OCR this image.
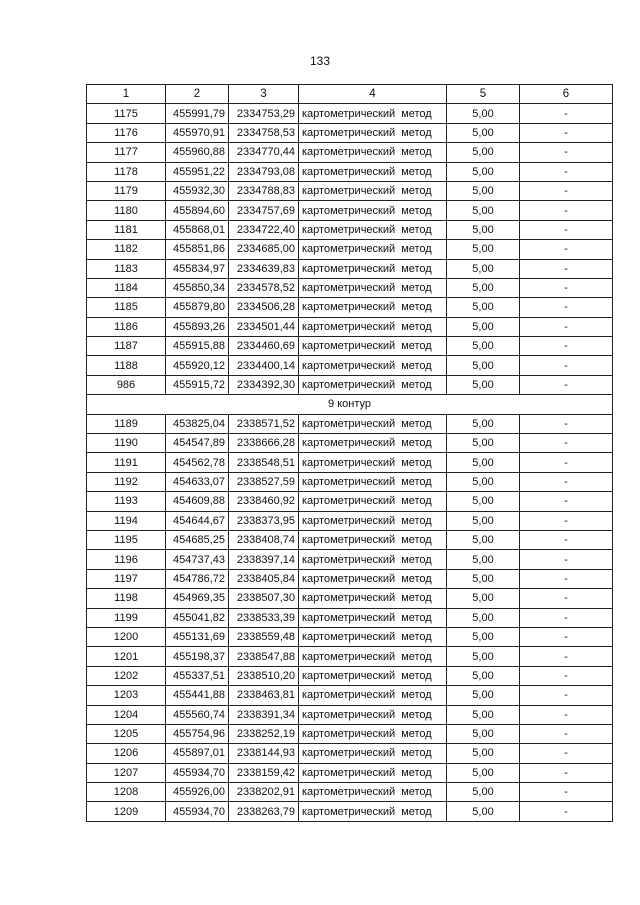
133
1	2	3	4	5	6
1175	455991,79	2334753,29	картометрический метод	5,00	-
1176	455970,91	2334758,53	картометрический метод	5,00	-
1177	455960,88	2334770,44	картометрический метод	5,00	-
1178	455951,22	2334793,08	картометрический метод	5,00	-
1179	455932,30	2334788,83	картометрический метод	5,00	-
1180	455894,60	2334757,69	картометрический метод	5,00	-
1181	455868,01	2334722,40	картометрический метод	5,00	-
1182	455851,86	2334685,00	картометрический метод	5,00	-
1183	455834,97	2334639,83	картометрический метод	5,00	-
1184	455850,34	2334578,52	картометрический метод	5,00	-
1185	455879,80	2334506,28	картометрический метод	5,00	-
1186	455893,26	2334501,44	картометрический метод	5,00	-
1187	455915,88	2334460,69	картометрический метод	5,00	-
1188	455920,12	2334400,14	картометрический метод	5,00	-
986	455915,72	2334392,30	картометрический метод	5,00	-
9 контур					
1189	453825,04	2338571,52	картометрический метод	5,00	-
1190	454547,89	2338666,28	картометрический метод	5,00	-
1191	454562,78	2338548,51	картометрический метод	5,00	-
1192	454633,07	2338527,59	картометрический метод	5,00	-
1193	454609,88	2338460,92	картометрический метод	5,00	-
1194	454644,67	2338373,95	картометрический метод	5,00	-
1195	454685,25	2338408,74	картометрический метод	5,00	-
1196	454737,43	2338397,14	картометрический метод	5,00	-
1197	454786,72	2338405,84	картометрический метод	5,00	-
1198	454969,35	2338507,30	картометрический метод	5,00	-
1199	455041,82	2338533,39	картометрический метод	5,00	-
1200	455131,69	2338559,48	картометрический метод	5,00	-
1201	455198,37	2338547,88	картометрический метод	5,00	-
1202	455337,51	2338510,20	картометрический метод	5,00	-
1203	455441,88	2338463,81	картометрический метод	5,00	-
1204	455560,74	2338391,34	картометрический метод	5,00	-
1205	455754,96	2338252,19	картометрический метод	5,00	-
1206	455897,01	2338144,93	картометрический метод	5,00	-
1207	455934,70	2338159,42	картометрический метод	5,00	-
1208	455926,00	2338202,91	картометрический метод	5,00	-
1209	455934,70	2338263,79	картометрический метод	5,00	-
